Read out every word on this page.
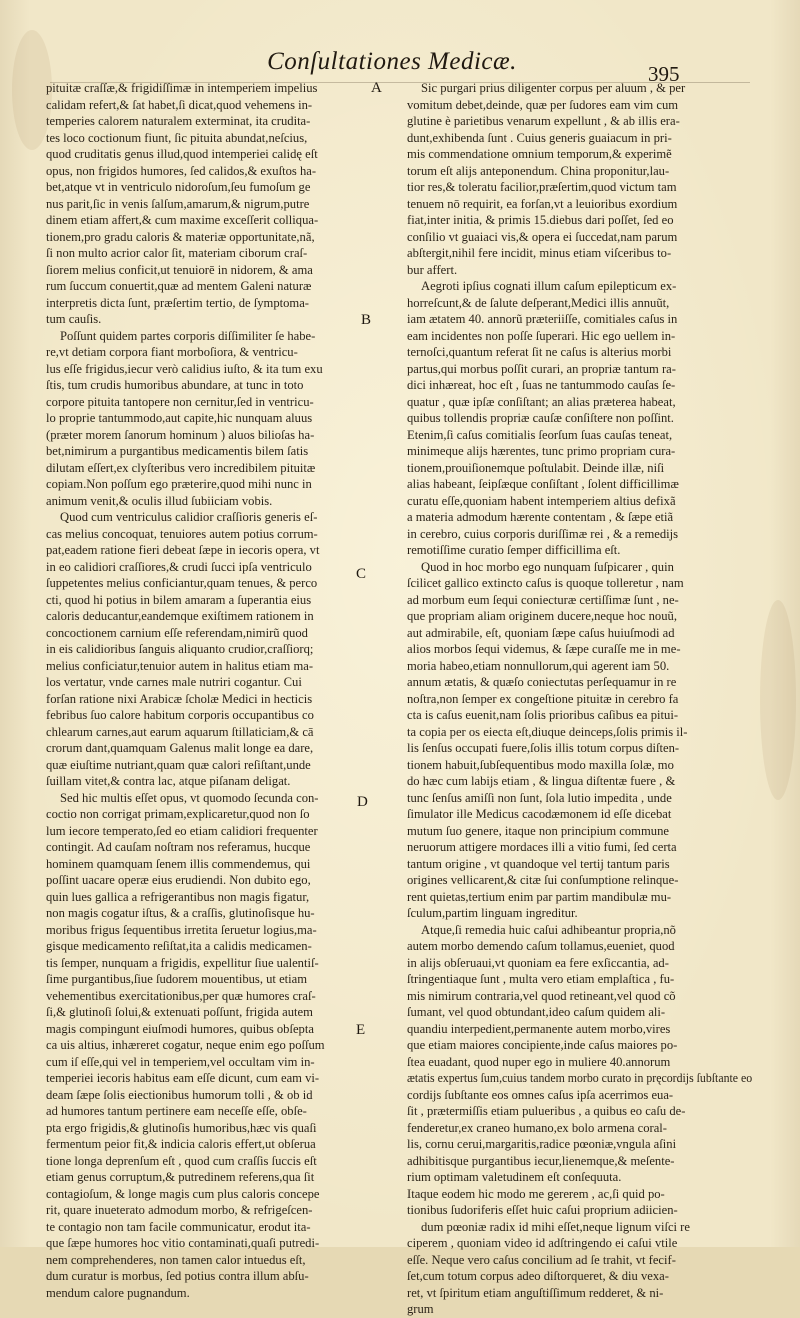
Conſultationes Medicæ.	395
pituitæ craſſæ,& frigidiſſimæ in intemperiem impelius
calidam refert,& ſat habet,ſi dicat,quod vehemens in-
temperies calorem naturalem exterminat, ita crudita-
tes loco coctionum fiunt, ſic pituita abundat,neſcius,
quod cruditatis genus illud,quod intemperiei calidę eſt
opus, non frigidos humores, ſed calidos,& exuſtos ha-
bet,atque vt in ventriculo nidoroſum,ſeu fumoſum ge
nus parit,ſic in venis ſalſum,amarum,& nigrum,putre
dinem etiam affert,& cum maxime exceſſerit colliqua-
tionem,pro gradu caloris & materiæ opportunitate,nã,
ſi non multo acrior calor ſit, materiam ciborum craſ-
ſiorem melius conficit,ut tenuiorē in nidorem, & ama
rum ſuccum conuertit,quæ ad mentem Galeni naturæ
interpretis dicta ſunt, præſertim tertio, de ſymptoma-
tum cauſis.
Poſſunt quidem partes corporis diſſimiliter ſe habe-
re,vt detiam corpora fiant morboſiora, & ventricu-
lus eſſe frigidus,iecur verò calidius iuſto, & ita tum exu
ſtis, tum crudis humoribus abundare, at tunc in toto
corpore pituita tantopere non cernitur,ſed in ventricu-
lo proprie tantummodo,aut capite,hic nunquam aluus
(præter morem ſanorum hominum ) aluos bilioſas ha-
bet,nimirum a purgantibus medicamentis bilem ſatis
dilutam eſſert,ex clyſteribus vero incredibilem pituitæ
copiam.Non poſſum ego præterire,quod mihi nunc in
animum venit,& oculis illud ſubiiciam vobis.
Quod cum ventriculus calidior craſſioris generis eſ-
cas melius concoquat, tenuiores autem potius corrum-
pat,eadem ratione fieri debeat ſæpe in iecoris opera, vt
in eo calidiori craſſiores,& crudi ſucci ipſa ventriculo
ſuppetentes melius conficiantur,quam tenues, & perco
cti, quod hi potius in bilem amaram a ſuperantia eius
caloris deducantur,eandemque exiſtimem rationem in
concoctionem carnium eſſe referendam,nimirũ quod
in eis calidioribus ſanguis aliquanto crudior,craſſiorq;
melius conficiatur,tenuior autem in halitus etiam ma-
los vertatur, vnde carnes male nutriri cogantur. Cui
forſan ratione nixi Arabicæ ſcholæ Medici in hecticis
febribus ſuo calore habitum corporis occupantibus co
chlearum carnes,aut earum aquarum ſtillaticiam,& cā
crorum dant,quamquam Galenus malit longe ea dare,
quæ eiuſtime nutriant,quam quæ calori reſiſtant,unde
ſuillam vitet,& contra lac, atque piſanam deligat.
Sed hic multis eſſet opus, vt quomodo ſecunda con-
coctio non corrigat primam,explicaretur,quod non ſo
lum iecore temperato,ſed eo etiam calidiori frequenter
contingit. Ad cauſam noſtram nos referamus, hucque
hominem quamquam ſenem illis commendemus, qui
poſſint uacare operæ eius erudiendi. Non dubito ego,
quin lues gallica a refrigerantibus non magis figatur,
non magis cogatur iſtus, & a craſſis, glutinoſisque hu-
moribus frigus ſequentibus irretita ſeruetur logius,ma-
gisque medicamento reſiſtat,ita a calidis medicamen-
tis ſemper, nunquam a frigidis, expellitur ſiue ualentiſ-
ſime purgantibus,ſiue ſudorem mouentibus, ut etiam
vehementibus exercitationibus,per quæ humores craſ-
ſi,& glutinoſi ſolui,& extenuati poſſunt, frigida autem
magis compingunt eiuſmodi humores, quibus obſepta
ca uis altius, inhæreret cogatur, neque enim ego poſſum
cum iſ eſſe,qui vel in temperiem,vel occultam vim in-
temperiei iecoris habitus eam eſſe dicunt, cum eam vi-
deam ſæpe ſolis eiectionibus humorum tolli , & ob id
ad humores tantum pertinere eam neceſſe eſſe, obſe-
pta ergo frigidis,& glutinoſis humoribus,hæc vis quaſi
fermentum peior fit,& indicia caloris effert,ut obſerua
tione longa deprenſum eſt , quod cum craſſis ſuccis eſt
etiam genus corruptum,& putredinem referens,qua ſit
contagioſum, & longe magis cum plus caloris concepe
rit, quare inueterato admodum morbo, & refrigeſcen-
te contagio non tam facile communicatur, erodut ita-
que ſæpe humores hoc vitio contaminati,quaſi putredi-
nem comprehenderes, non tamen calor intuedus eſt,
dum curatur is morbus, ſed potius contra illum abſu-
mendum calore pugnandum.
Sic purgari prius diligenter corpus per aluum , & per
vomitum debet,deinde, quæ per ſudores eam vim cum
glutine è parietibus venarum expellunt , & ab illis era-
dunt,exhibenda ſunt . Cuius generis guaiacum in pri-
mis commendatione omnium temporum,& experimẽ
torum eſt alijs anteponendum. China proponitur,lau-
tior res,& toleratu facilior,præſertim,quod victum tam
tenuem nō requirit, ea forſan,vt a leuioribus exordium
fiat,inter initia, & primis 15.diebus dari poſſet, ſed eo
conſilio vt guaiaci vis,& opera ei ſuccedat,nam parum
abſtergit,nihil fere incidit, minus etiam viſceribus to-
bur affert.
Aegroti ipſius cognati illum caſum epilepticum ex-
horreſcunt,& de ſalute deſperant,Medici illis annuũt,
iam ætatem 40. annorũ præteriiſſe, comitiales caſus in
eam incidentes non poſſe ſuperari. Hic ego uellem in-
ternoſci,quantum referat ſit ne caſus is alterius morbi
partus,qui morbus poſſit curari, an propriæ tantum ra-
dici inhæreat, hoc eſt , ſuas ne tantummodo cauſas ſe-
quatur , quæ ipſæ conſiſtant; an alias præterea habeat,
quibus tollendis propriæ cauſæ conſiſtere non poſſint.
Etenim,ſi caſus comitialis ſeorſum ſuas cauſas teneat,
minimeque alijs hærentes, tunc primo propriam cura-
tionem,prouiſionemque poſtulabit. Deinde illæ, niſi
alias habeant, ſeipſæque conſiſtant , ſolent difficillimæ
curatu eſſe,quoniam habent intemperiem altius defixã
a materia admodum hærente contentam , & ſæpe etiã
in cerebro, cuius corporis duriſſimæ rei , & a remedijs
remotiſſime curatio ſemper difficillima eſt.
Quod in hoc morbo ego nunquam ſuſpicarer , quin
ſcilicet gallico extincto caſus is quoque tolleretur , nam
ad morbum eum ſequi coniecturæ certiſſimæ ſunt , ne-
que propriam aliam originem ducere,neque hoc nouũ,
aut admirabile, eſt, quoniam ſæpe caſus huiuſmodi ad
alios morbos ſequi videmus, & ſæpe curaſſe me in me-
moria habeo,etiam nonnullorum,qui agerent iam 50.
annum ætatis, & quæſo coniectutas perſequamur in re
noſtra,non ſemper ex congeſtione pituitæ in cerebro fa
cta is caſus euenit,nam ſolis prioribus caſibus ea pitui-
ta copia per os eiecta eſt,diuque deinceps,ſolis primis il-
lis ſenſus occupati fuere,ſolis illis totum corpus diſten-
tionem habuit,ſubſequentibus modo maxilla ſolæ, mo
do hæc cum labijs etiam , & lingua diſtentæ fuere , &
tunc ſenſus amiſſi non ſunt, ſola lutio impedita , unde
ſimulator ille Medicus cacodæmonem id eſſe dicebat
mutum ſuo genere, itaque non principium commune
neruorum attigere mordaces illi a vitio fumi, ſed certa
tantum origine , vt quandoque vel tertij tantum paris
origines vellicarent,& citæ ſui conſumptione relinque-
rent quietas,tertium enim par partim mandibulæ mu-
ſculum,partim linguam ingreditur.
Atque,ſi remedia huic caſui adhibeantur propria,nõ
autem morbo demendo caſum tollamus,eueniet, quod
in alijs obſeruaui,vt quoniam ea fere exſiccantia, ad-
ſtringentiaque ſunt , multa vero etiam emplaſtica , fu-
mis nimirum contraria,vel quod retineant,vel quod cõ
ſumant, vel quod obtundant,ideo caſum quidem ali-
quandiu interpedient,permanente autem morbo,vires
que etiam maiores concipiente,inde caſus maiores po-
ſtea euadant, quod nuper ego in muliere 40.annorum
ætatis expertus ſum,cuius tandem morbo curato in pręcordijs ſubſtante eo
cordijs ſubſtante eos omnes caſus ipſa acerrimos eua-
ſit , prætermiſſis etiam pulueribus , a quibus eo caſu de-
fenderetur,ex craneo humano,ex bolo armena coral-
lis, cornu cerui,margaritis,radice pœoniæ,vngula aſini
adhibitisque purgantibus iecur,lienemque,& meſente-
rium optimam valetudinem eſt conſequuta.
Itaque eodem hic modo me gererem , ac,ſi quid po-
tionibus ſudoriferis eſſet huic caſui proprium adiicien-
dum pœoniæ radix id mihi eſſet,neque lignum viſci re
ciperem , quoniam video id adſtringendo ei caſui vtile
eſſe. Neque vero caſus concilium ad ſe trahit, vt fecif-
ſet,cum totum corpus adeo diſtorqueret, & diu vexa-
ret, vt ſpiritum etiam anguſtiſſimum redderet, & ni-
grum
A
B
C
D
E
